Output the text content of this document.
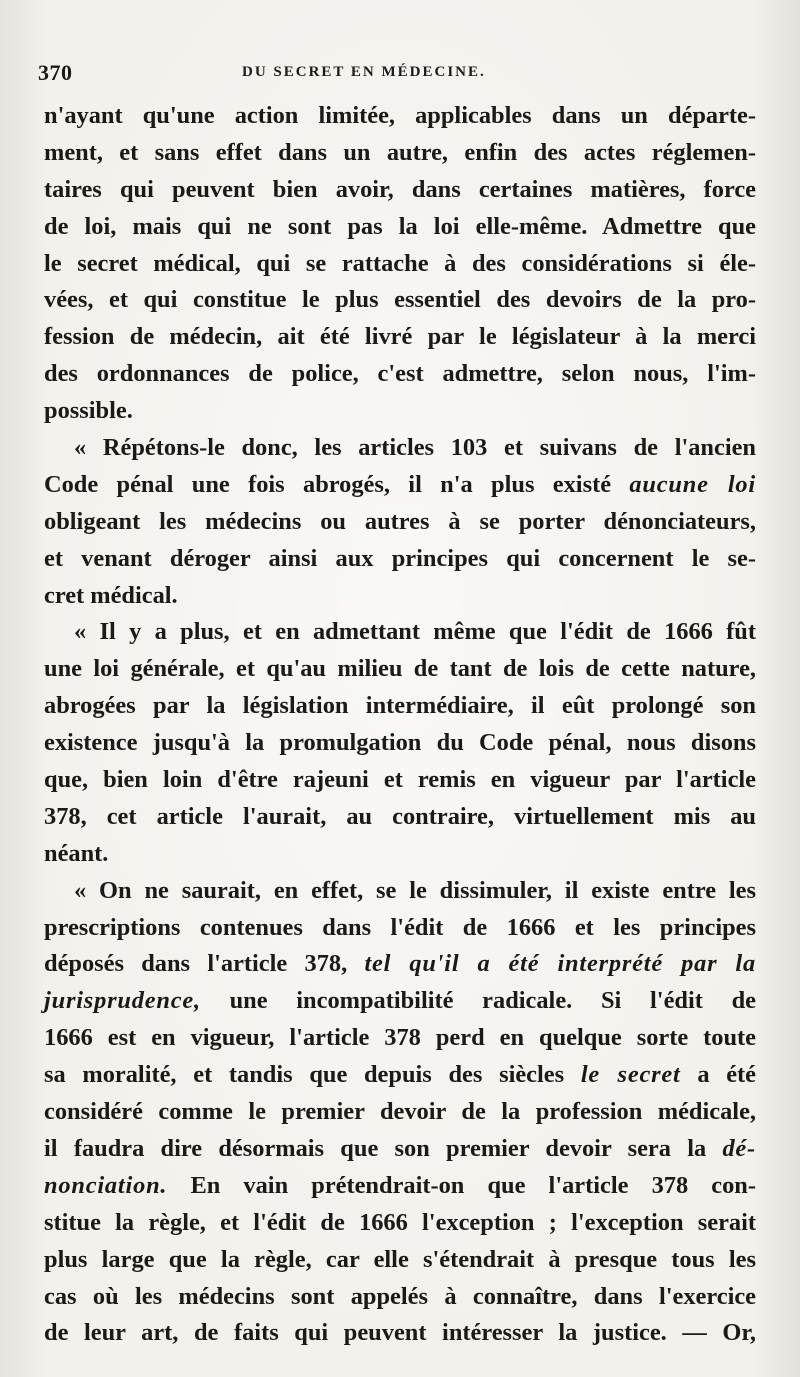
370	DU SECRET EN MÉDECINE.
n'ayant qu'une action limitée, applicables dans un départe-
ment, et sans effet dans un autre, enfin des actes réglemen-
taires qui peuvent bien avoir, dans certaines matières, force
de loi, mais qui ne sont pas la loi elle-même. Admettre que
le secret médical, qui se rattache à des considérations si éle-
vées, et qui constitue le plus essentiel des devoirs de la pro-
fession de médecin, ait été livré par le législateur à la merci
des ordonnances de police, c'est admettre, selon nous, l'im-
possible.
« Répétons-le donc, les articles 103 et suivans de l'ancien
Code pénal une fois abrogés, il n'a plus existé aucune loi
obligeant les médecins ou autres à se porter dénonciateurs,
et venant déroger ainsi aux principes qui concernent le se-
cret médical.
« Il y a plus, et en admettant même que l'édit de 1666 fût
une loi générale, et qu'au milieu de tant de lois de cette nature,
abrogées par la législation intermédiaire, il eût prolongé son
existence jusqu'à la promulgation du Code pénal, nous disons
que, bien loin d'être rajeuni et remis en vigueur par l'article
378, cet article l'aurait, au contraire, virtuellement mis au
néant.
« On ne saurait, en effet, se le dissimuler, il existe entre les
prescriptions contenues dans l'édit de 1666 et les principes
déposés dans l'article 378, tel qu'il a été interprété par la
jurisprudence, une incompatibilité radicale. Si l'édit de
1666 est en vigueur, l'article 378 perd en quelque sorte toute
sa moralité, et tandis que depuis des siècles le secret a été
considéré comme le premier devoir de la profession médicale,
il faudra dire désormais que son premier devoir sera la dé-
nonciation. En vain prétendrait-on que l'article 378 con-
stitue la règle, et l'édit de 1666 l'exception ; l'exception serait
plus large que la règle, car elle s'étendrait à presque tous les
cas où les médecins sont appelés à connaître, dans l'exercice
de leur art, de faits qui peuvent intéresser la justice. — Or,
